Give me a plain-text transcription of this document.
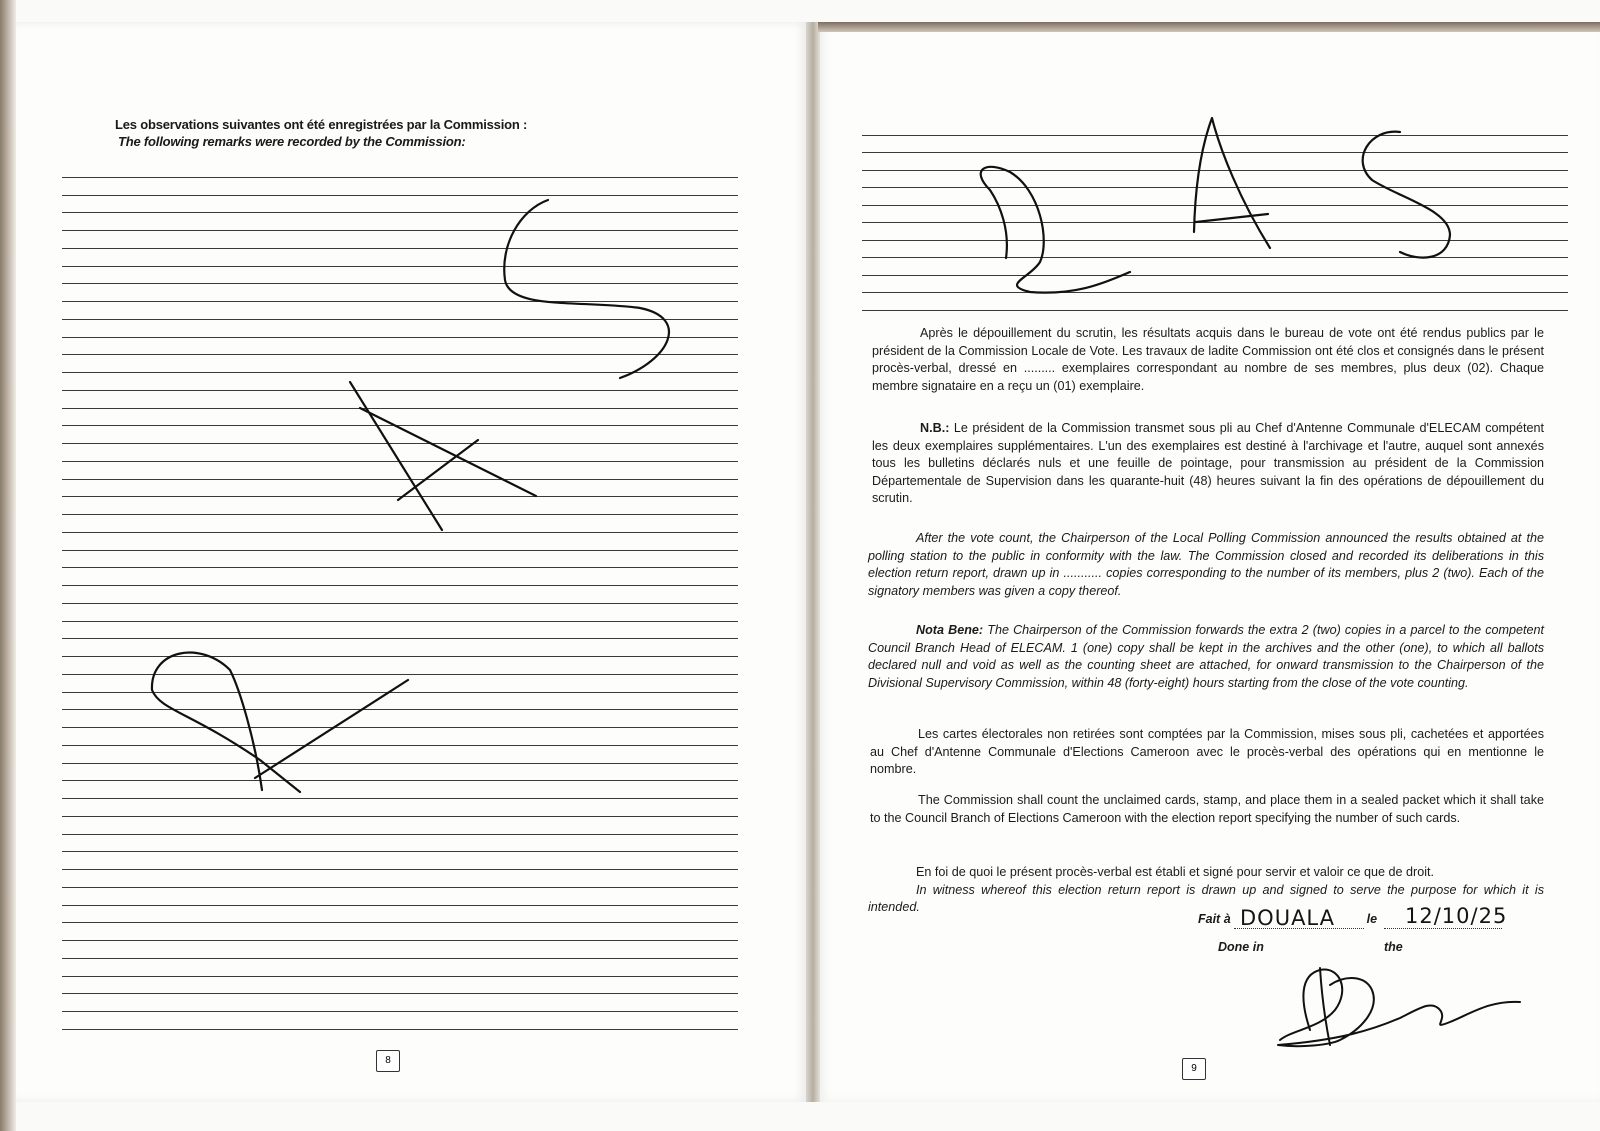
Les observations suivantes ont été enregistrées par la Commission :
The following remarks were recorded by the Commission:
Après le dépouillement du scrutin, les résultats acquis dans le bureau de vote ont été rendus publics par le président de la Commission Locale de Vote. Les travaux de ladite Commission ont été clos et consignés dans le présent procès-verbal, dressé en ......... exemplaires correspondant au nombre de ses membres, plus deux (02). Chaque membre signataire en a reçu un (01) exemplaire.
N.B.: Le président de la Commission transmet sous pli au Chef d'Antenne Communale d'ELECAM compétent les deux exemplaires supplémentaires. L'un des exemplaires est destiné à l'archivage et l'autre, auquel sont annexés tous les bulletins déclarés nuls et une feuille de pointage, pour transmission au président de la Commission Départementale de Supervision dans les quarante-huit (48) heures suivant la fin des opérations de dépouillement du scrutin.
After the vote count, the Chairperson of the Local Polling Commission announced the results obtained at the polling station to the public in conformity with the law. The Commission closed and recorded its deliberations in this election return report, drawn up in ........... copies corresponding to the number of its members, plus 2 (two). Each of the signatory members was given a copy thereof.
Nota Bene: The Chairperson of the Commission forwards the extra 2 (two) copies in a parcel to the competent Council Branch Head of ELECAM. 1 (one) copy shall be kept in the archives and the other (one), to which all ballots declared null and void as well as the counting sheet are attached, for onward transmission to the Chairperson of the Divisional Supervisory Commission, within 48 (forty-eight) hours starting from the close of the vote counting.
Les cartes électorales non retirées sont comptées par la Commission, mises sous pli, cachetées et apportées au Chef d'Antenne Communale d'Elections Cameroon avec le procès-verbal des opérations qui en mentionne le nombre.
The Commission shall count the unclaimed cards, stamp, and place them in a sealed packet which it shall take to the Council Branch of Elections Cameroon with the election report specifying the number of such cards.
En foi de quoi le présent procès-verbal est établi et signé pour servir et valoir ce que de droit.
In witness whereof this election return report is drawn up and signed to serve the purpose for which it is intended.
Fait à	le
DOUALA	12/10/25
Done in	the
8
9
